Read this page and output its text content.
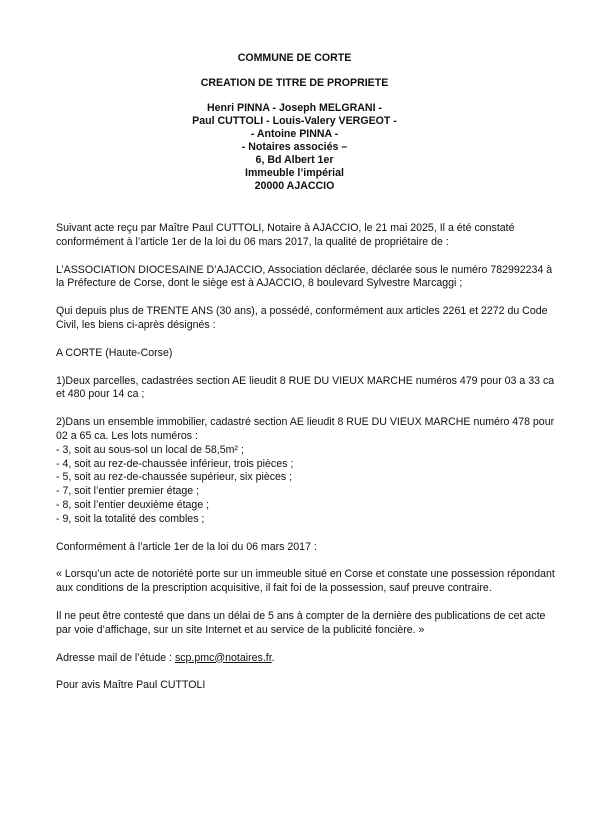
COMMUNE DE CORTE
CREATION DE TITRE DE PROPRIETE
Henri PINNA - Joseph MELGRANI -
Paul CUTTOLI - Louis-Valery VERGEOT -
- Antoine PINNA -
- Notaires associés –
6, Bd Albert 1er
Immeuble l’impérial
20000 AJACCIO

Suivant acte reçu par Maître Paul CUTTOLI, Notaire à AJACCIO, le 21 mai 2025, Il a été constaté conformément à l’article 1er de la loi du 06 mars 2017, la qualité de propriétaire de :

L’ASSOCIATION DIOCESAINE D’AJACCIO, Association déclarée, déclarée sous le numéro 782992234 à la Préfecture de Corse, dont le siège est à AJACCIO, 8 boulevard Sylvestre Marcaggi ;

Qui depuis plus de TRENTE ANS (30 ans), a possédé, conformément aux articles 2261 et 2272 du Code Civil, les biens ci-après désignés :

A CORTE (Haute-Corse)

1)Deux parcelles, cadastrées section AE lieudit 8 RUE DU VIEUX MARCHE numéros 479 pour 03 a 33 ca et 480 pour 14 ca ;

2)Dans un ensemble immobilier, cadastré section AE lieudit 8 RUE DU VIEUX MARCHE numéro 478 pour 02 a 65 ca. Les lots numéros :

- 3, soit au sous-sol un local de 58,5m² ;
- 4, soit au rez-de-chaussée inférieur, trois pièces ;
- 5, soit au rez-de-chaussée supérieur, six pièces ;
- 7, soit l’entier premier étage ;
- 8, soit l’entier deuxième étage ;
- 9, soit la totalité des combles ;

Conformément à l’article 1er de la loi du 06 mars 2017 :

« Lorsqu’un acte de notoriété porte sur un immeuble situé en Corse et constate une possession répondant aux conditions de la prescription acquisitive, il fait foi de la possession, sauf preuve contraire.

Il ne peut être contesté que dans un délai de 5 ans à compter de la dernière des publications de cet acte par voie d’affichage, sur un site Internet et au service de la publicité foncière. »

Adresse mail de l’étude : scp.pmc@notaires.fr.

Pour avis Maître Paul CUTTOLI
